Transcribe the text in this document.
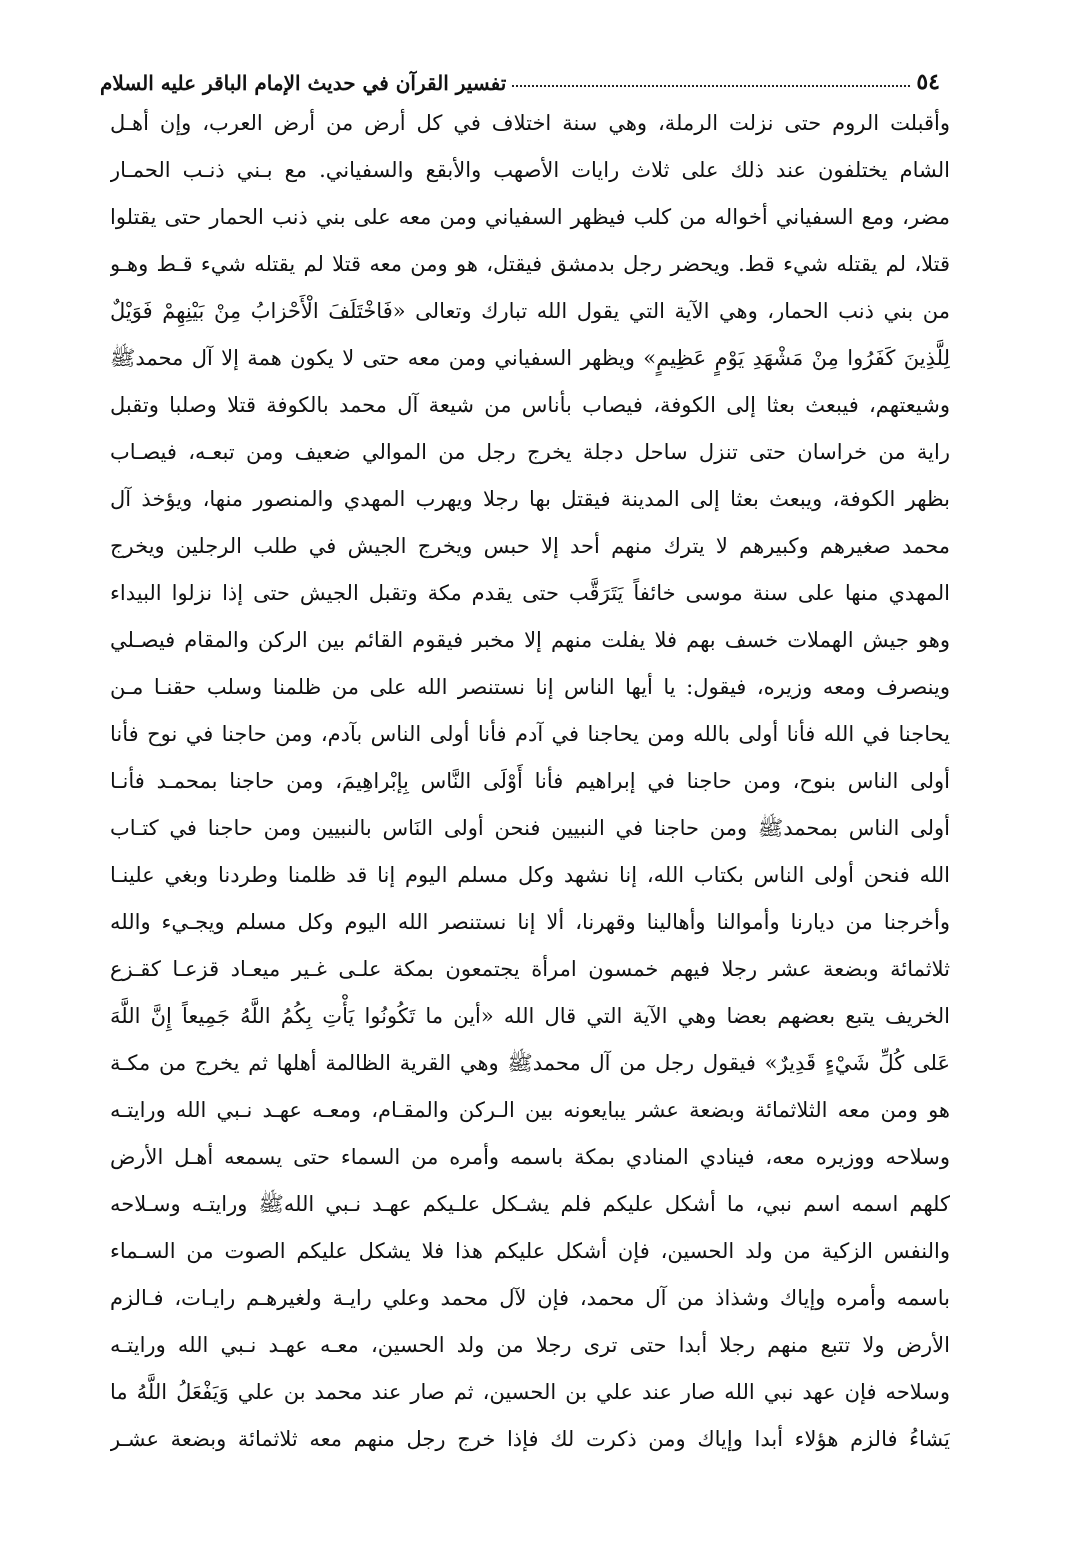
٥٤
تفسير القرآن في حديث الإمام الباقر عليه السلام
وأقبلت الروم حتى نزلت الرملة، وهي سنة اختلاف في كل أرض من أرض العرب، وإن أهـل
الشام يختلفون عند ذلك على ثلاث رايات الأصهب والأبقع والسفياني. مع بـني ذنـب الحمـار
مضر، ومع السفياني أخواله من كلب فيظهر السفياني ومن معه على بني ذنب الحمار حتى يقتلوا
قتلا، لم يقتله شيء قط. ويحضر رجل بدمشق فيقتل، هو ومن معه قتلا لم يقتله شيء قـط وهـو
من بني ذنب الحمار، وهي الآية التي يقول الله تبارك وتعالى «فَاخْتَلَفَ الْأَحْزابُ مِنْ بَيْنِهِمْ فَوَيْلٌ
لِلَّذِينَ كَفَرُوا مِنْ مَشْهَدِ يَوْمٍ عَظِيمٍ» ويظهر السفياني ومن معه حتى لا يكون همة إلا آل محمدﷺ
وشيعتهم، فيبعث بعثا إلى الكوفة، فيصاب بأناس من شيعة آل محمد بالكوفة قتلا وصلبا وتقبل
راية من خراسان حتى تنزل ساحل دجلة يخرج رجل من الموالي ضعيف ومن تبعـه، فيصـاب
بظهر الكوفة، ويبعث بعثا إلى المدينة فيقتل بها رجلا ويهرب المهدي والمنصور منها، ويؤخذ آل
محمد صغيرهم وكبيرهم لا يترك منهم أحد إلا حبس ويخرج الجيش في طلب الرجلين ويخرج
المهدي منها على سنة موسى خائفاً يَتَرَقَّب حتى يقدم مكة وتقبل الجيش حتى إذا نزلوا البيداء
وهو جيش الهملات خسف بهم فلا يفلت منهم إلا مخبر فيقوم القائم بين الركن والمقام فيصـلي
وينصرف ومعه وزيره، فيقول: يا أيها الناس إنا نستنصر الله على من ظلمنا وسلب حقنـا مـن
يحاجنا في الله فأنا أولى بالله ومن يحاجنا في آدم فأنا أولى الناس بآدم، ومن حاجنا في نوح فأنا
أولى الناس بنوح، ومن حاجنا في إبراهيم فأنا أَوْلَى النَّاس بِإبْراهِيمَ، ومن حاجنا بمحمـد فأنـا
أولى الناس بمحمدﷺ ومن حاجنا في النبيين فنحن أولى النَاس بالنبيين ومن حاجنا في كتـاب
الله فنحن أولى الناس بكتاب الله، إنا نشهد وكل مسلم اليوم إنا قد ظلمنا وطردنا وبغي علينـا
وأخرجنا من ديارنا وأموالنا وأهالينا وقهرنا، ألا إنا نستنصر الله اليوم وكل مسلم ويجـيء والله
ثلاثمائة وبضعة عشر رجلا فيهم خمسون امرأة يجتمعون بمكة علـى غـير ميعـاد قزعـا كقـزع
الخريف يتبع بعضهم بعضا وهي الآية التي قال الله «أين ما تَكُونُوا يَأْتِ بِكُمُ اللَّهُ جَمِيعاً إِنَّ اللَّهَ
عَلى كُلِّ شَيْءٍ قَدِيرٌ» فيقول رجل من آل محمدﷺ وهي القرية الظالمة أهلها ثم يخرج من مكـة
هو ومن معه الثلاثمائة وبضعة عشر يبايعونه بين الـركن والمقـام، ومعـه عهـد نـبي الله ورايتـه
وسلاحه ووزيره معه، فينادي المنادي بمكة باسمه وأمره من السماء حتى يسمعه أهـل الأرض
كلهم اسمه اسم نبي، ما أشكل عليكم فلم يشـكل علـيكم عهـد نـبي اللهﷺ ورايتـه وسـلاحه
والنفس الزكية من ولد الحسين، فإن أشكل عليكم هذا فلا يشكل عليكم الصوت من السـماء
باسمه وأمره وإياك وشذاذ من آل محمد، فإن لآل محمد وعلي رايـة ولغيرهـم رايـات، فـالزم
الأرض ولا تتبع منهم رجلا أبدا حتى ترى رجلا من ولد الحسين، معـه عهـد نـبي الله ورايتـه
وسلاحه فإن عهد نبي الله صار عند علي بن الحسين، ثم صار عند محمد بن علي وَيَفْعَلُ اللَّهُ ما
يَشاءُ فالزم هؤلاء أبدا وإياك ومن ذكرت لك فإذا خرج رجل منهم معه ثلاثمائة وبضعة عشـر
